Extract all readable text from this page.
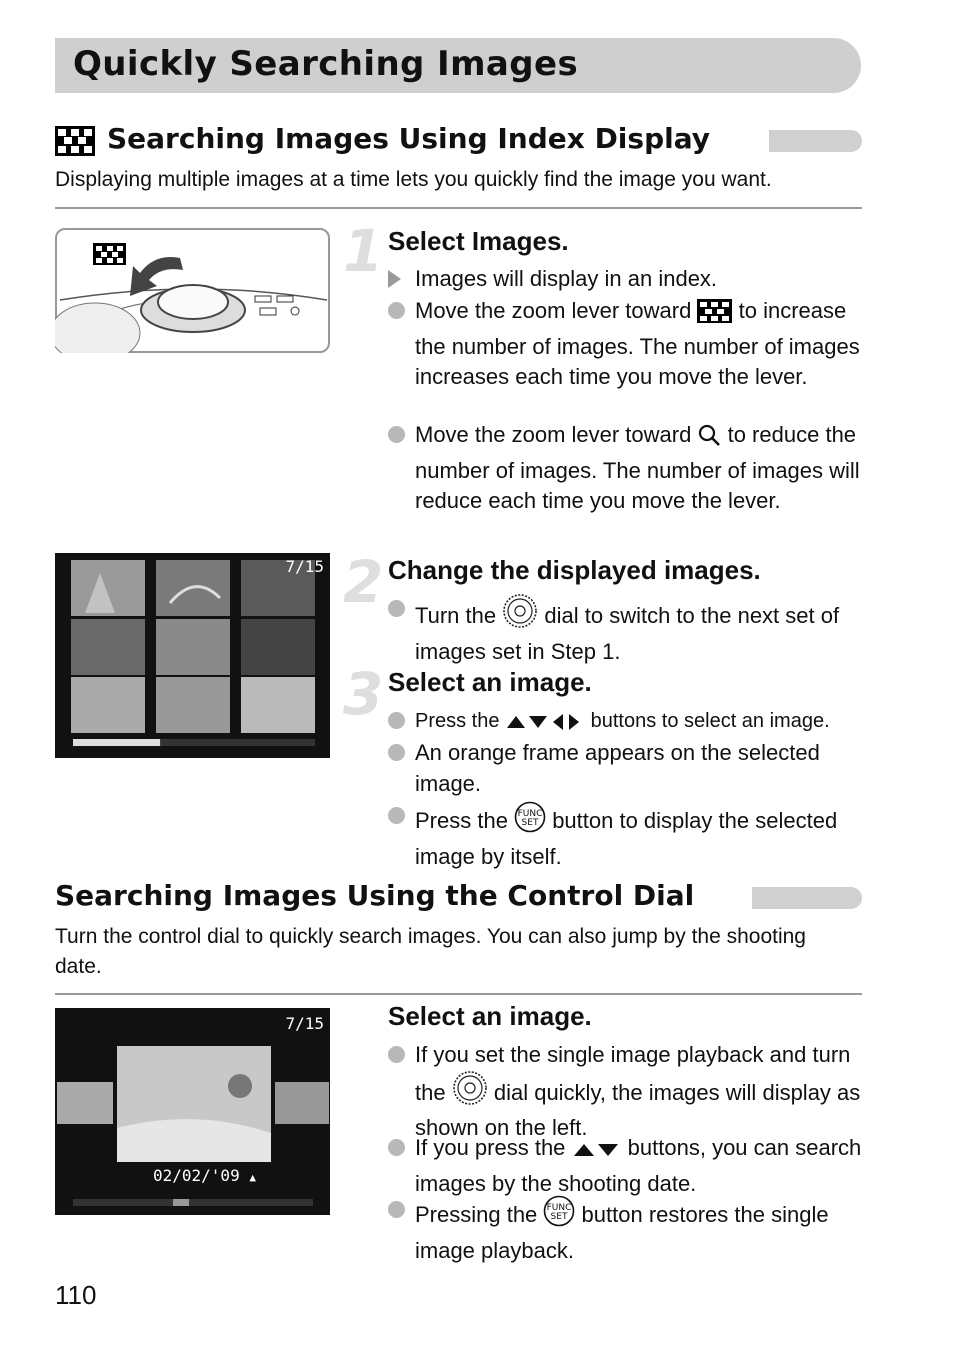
Quickly Searching Images
Searching Images Using Index Display
Displaying multiple images at a time lets you quickly find the image you want.
1 Select Images.
Images will display in an index.
Move the zoom lever toward to increase the number of images. The number of images increases each time you move the lever.
Move the zoom lever toward to reduce the number of images. The number of images will reduce each time you move the lever.
7/15 2 Change the displayed images.
Turn the dial to switch to the next set of images set in Step 1.
3 Select an image.
Press the	buttons to select an image.
An orange frame appears on the selected image.
Press the FUNC
SET button to display the selected image by itself.
Searching Images Using the Control Dial
Turn the control dial to quickly search images. You can also jump by the shooting date.
7/15
02/02/'09 ▲

Select an image.
If you set the single image playback and turn the dial quickly, the images will display as shown on the left.
If you press the	buttons, you can search images by the shooting date.
Pressing the FUNC
SET button restores the single image playback.
110
